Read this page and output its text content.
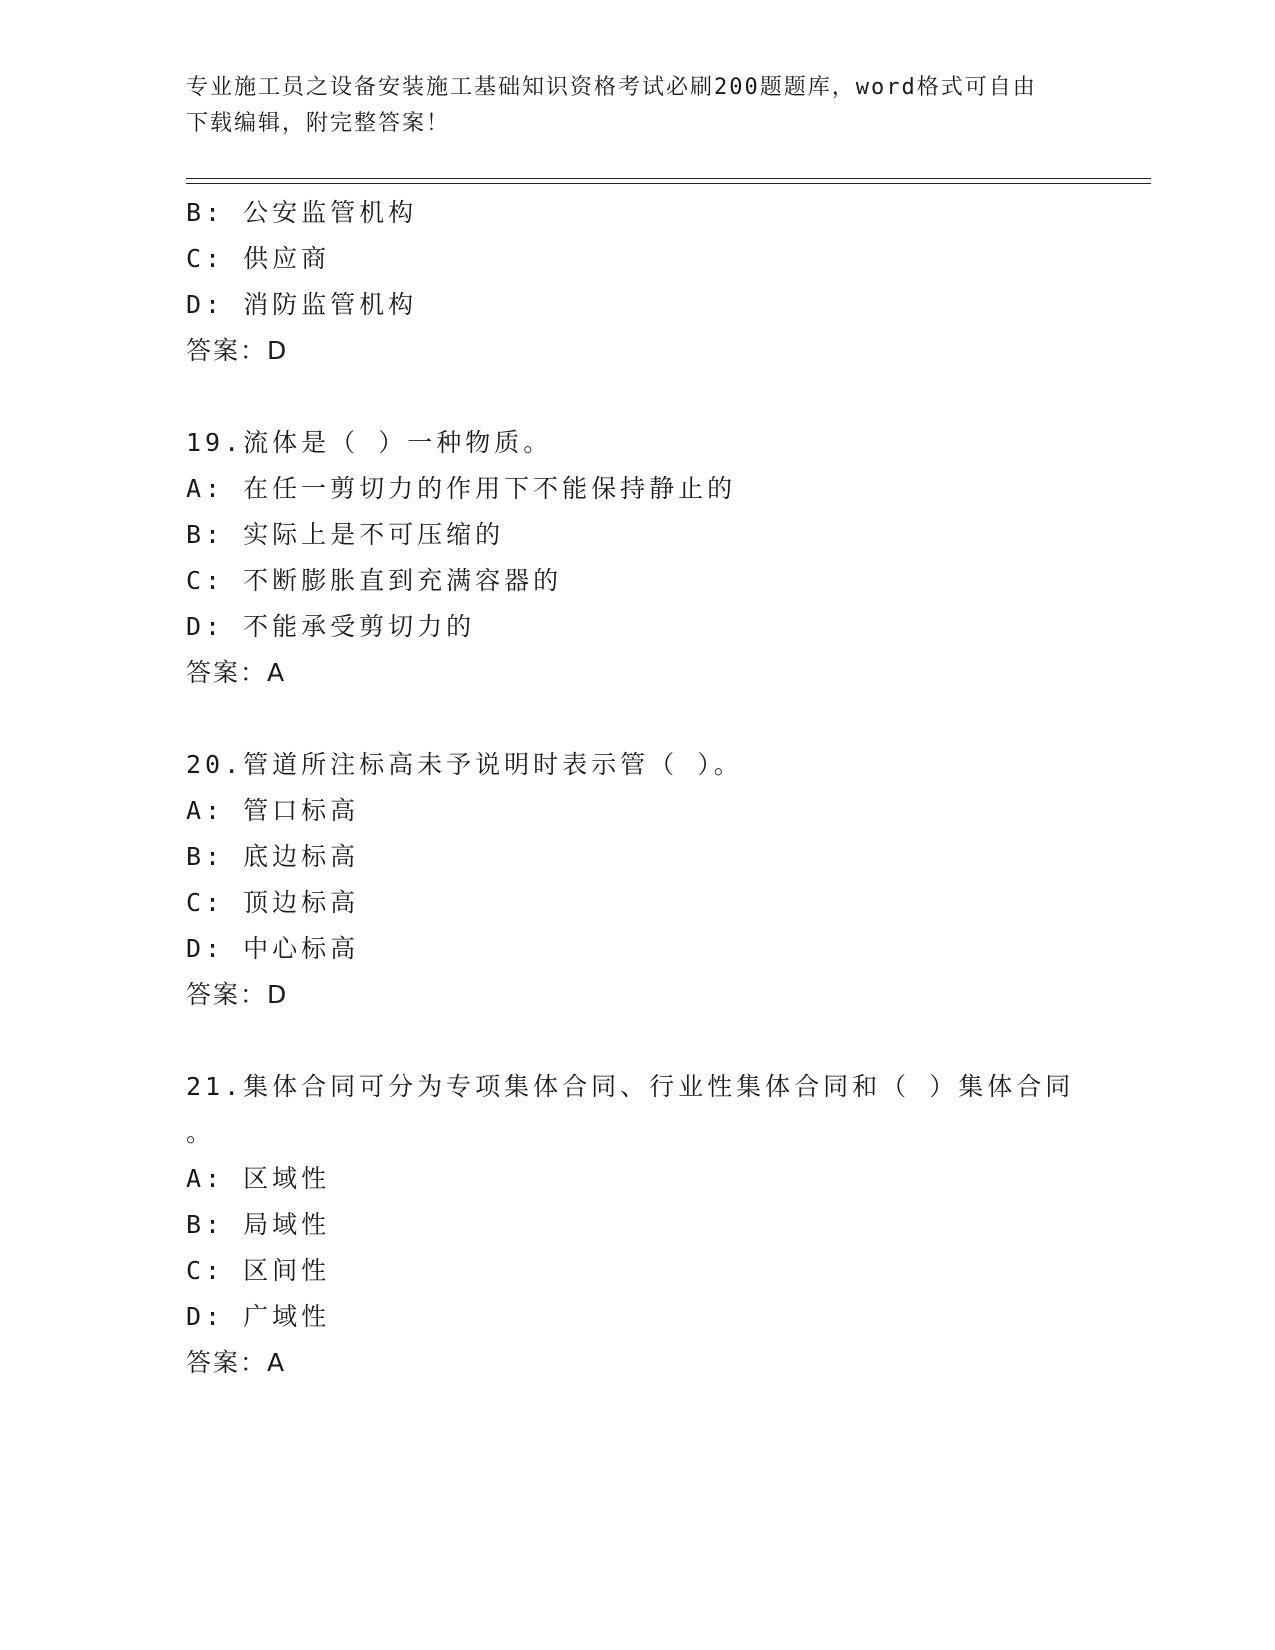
专业施工员之设备安装施工基础知识资格考试必刷200题题库，word格式可自由
下载编辑，附完整答案！
B: 公安监管机构
C: 供应商
D: 消防监管机构
答案：D
19.流体是（ ）一种物质。
A: 在任一剪切力的作用下不能保持静止的
B: 实际上是不可压缩的
C: 不断膨胀直到充满容器的
D: 不能承受剪切力的
答案：A
20.管道所注标高未予说明时表示管（ ）。
A: 管口标高
B: 底边标高
C: 顶边标高
D: 中心标高
答案：D
21.集体合同可分为专项集体合同、行业性集体合同和（ ）集体合同
。
A: 区域性
B: 局域性
C: 区间性
D: 广域性
答案：A
